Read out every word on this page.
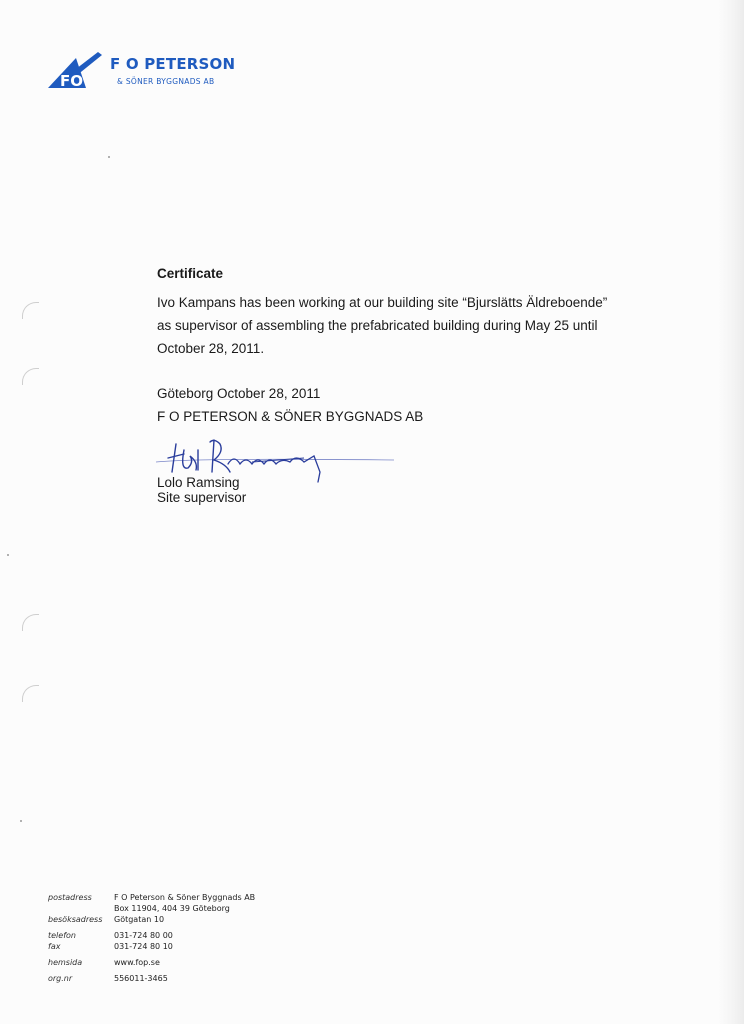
FO
F O PETERSON
& SÖNER BYGGNADS AB
Certificate
Ivo Kampans has been working at our building site “Bjurslätts Äldreboende”
as supervisor of assembling the prefabricated building during May 25 until
October 28, 2011.
Göteborg October 28, 2011
F O PETERSON & SÖNER BYGGNADS AB
Lolo Ramsing
Site supervisor
postadress	F O Peterson & Söner Byggnads AB
Box 11904, 404 39 Göteborg
besöksadress	Götgatan 10
telefon	031-724 80 00
fax	031-724 80 10
hemsida	www.fop.se
org.nr	556011-3465
